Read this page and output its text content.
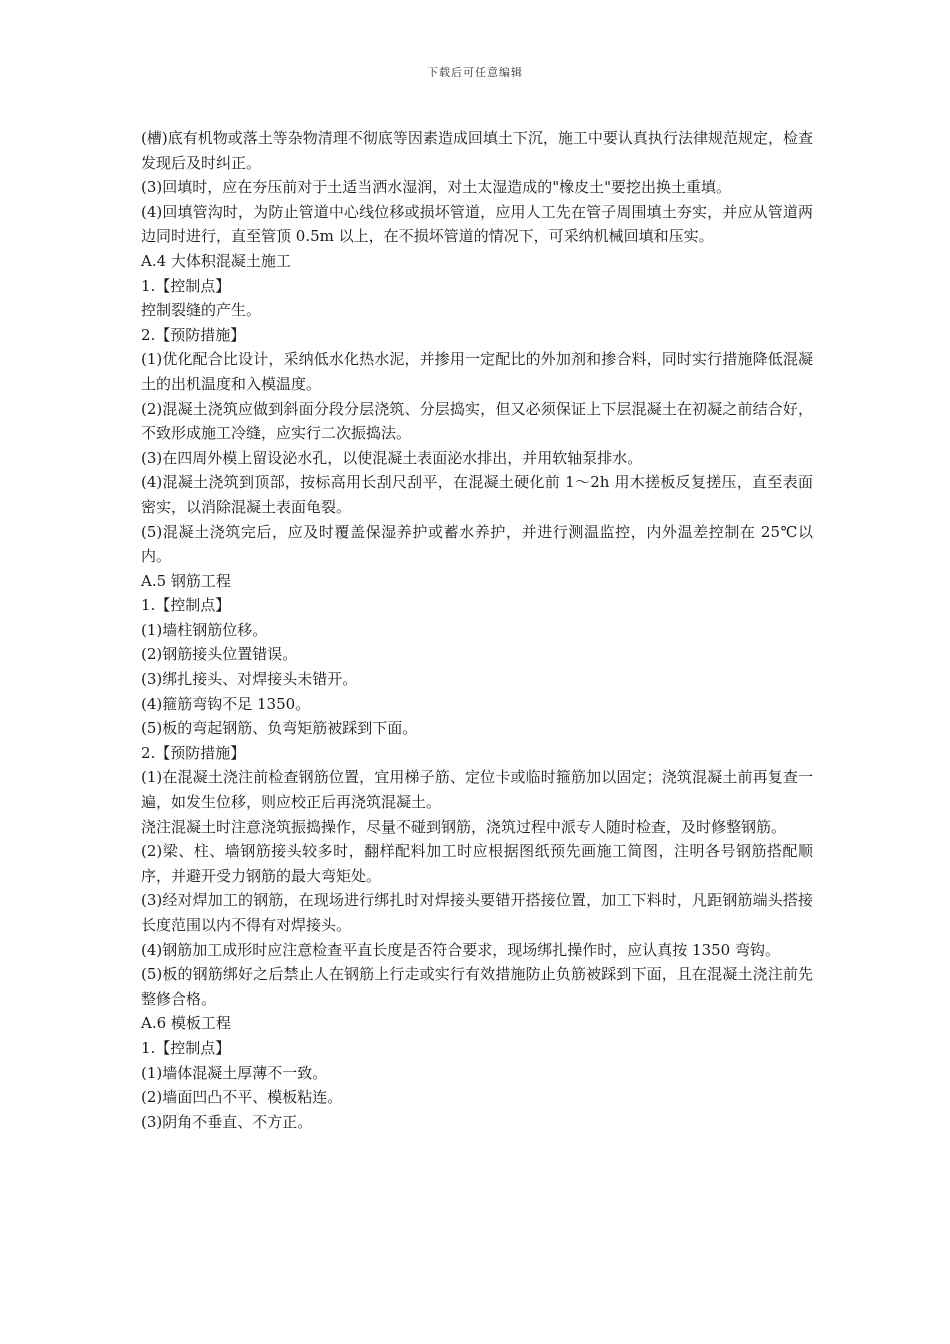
下载后可任意编辑

(槽)底有机物或落土等杂物清理不彻底等因素造成回填土下沉，施工中要认真执行法律规范规定，检查发现后及时纠正。

(3)回填时，应在夯压前对于土适当洒水湿润，对土太湿造成的"橡皮土"要挖出换土重填。

(4)回填管沟时，为防止管道中心线位移或损坏管道，应用人工先在管子周围填土夯实，并应从管道两边同时进行，直至管顶 0.5m 以上，在不损坏管道的情况下，可采纳机械回填和压实。

A.4 大体积混凝土施工

1.【控制点】

控制裂缝的产生。

2.【预防措施】

(1)优化配合比设计，采纳低水化热水泥，并掺用一定配比的外加剂和掺合料，同时实行措施降低混凝土的出机温度和入模温度。

(2)混凝土浇筑应做到斜面分段分层浇筑、分层捣实，但又必须保证上下层混凝土在初凝之前结合好，不致形成施工冷缝，应实行二次振捣法。

(3)在四周外模上留设泌水孔，以使混凝土表面泌水排出，并用软轴泵排水。

(4)混凝土浇筑到顶部，按标高用长刮尺刮平，在混凝土硬化前 1～2h 用木搓板反复搓压，直至表面密实，以消除混凝土表面龟裂。

(5)混凝土浇筑完后，应及时覆盖保湿养护或蓄水养护，并进行测温监控，内外温差控制在 25℃以内。

A.5 钢筋工程

1.【控制点】

(1)墙柱钢筋位移。

(2)钢筋接头位置错误。

(3)绑扎接头、对焊接头未错开。

(4)箍筋弯钩不足 1350。

(5)板的弯起钢筋、负弯矩筋被踩到下面。

2.【预防措施】

(1)在混凝土浇注前检查钢筋位置，宜用梯子筋、定位卡或临时箍筋加以固定；浇筑混凝土前再复查一遍，如发生位移，则应校正后再浇筑混凝土。

浇注混凝土时注意浇筑振捣操作，尽量不碰到钢筋，浇筑过程中派专人随时检查，及时修整钢筋。

(2)梁、柱、墙钢筋接头较多时，翻样配料加工时应根据图纸预先画施工简图，注明各号钢筋搭配顺序，并避开受力钢筋的最大弯矩处。

(3)经对焊加工的钢筋，在现场进行绑扎时对焊接头要错开搭接位置，加工下料时，凡距钢筋端头搭接长度范围以内不得有对焊接头。

(4)钢筋加工成形时应注意检查平直长度是否符合要求，现场绑扎操作时，应认真按 1350 弯钩。

(5)板的钢筋绑好之后禁止人在钢筋上行走或实行有效措施防止负筋被踩到下面，且在混凝土浇注前先整修合格。

A.6 模板工程

1.【控制点】

(1)墙体混凝土厚薄不一致。

(2)墙面凹凸不平、模板粘连。

(3)阴角不垂直、不方正。
